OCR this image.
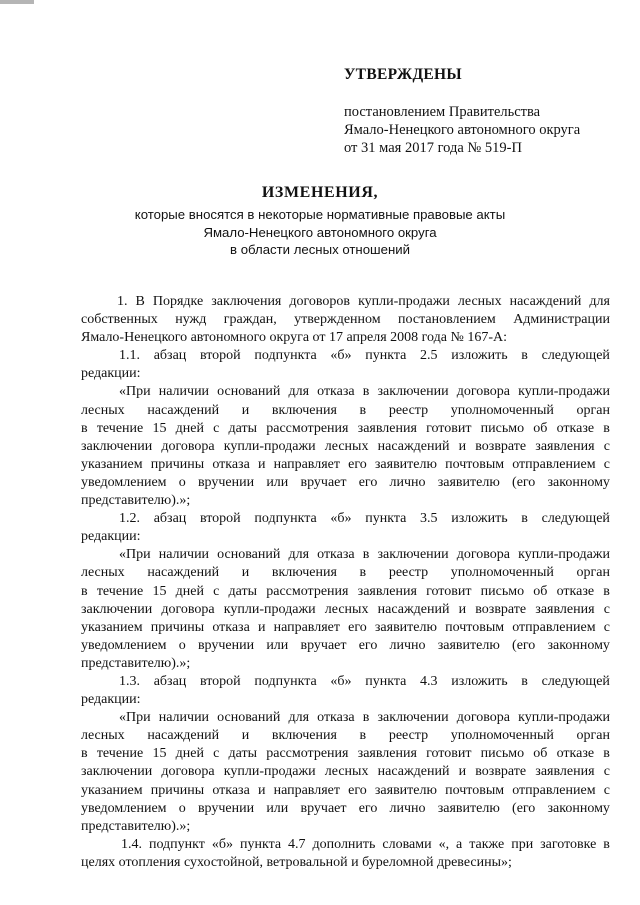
УТВЕРЖДЕНЫ
постановлением Правительства
Ямало-Ненецкого автономного округа
от 31 мая 2017 года № 519-П
ИЗМЕНЕНИЯ,
которые вносятся в некоторые нормативные правовые акты
Ямало-Ненецкого автономного округа
в области лесных отношений
1. В Порядке заключения договоров купли-продажи лесных насаждений для
собственных нужд граждан, утвержденном постановлением Администрации
Ямало-Ненецкого автономного округа от 17 апреля 2008 года № 167-А:
1.1. абзац второй подпункта «б» пункта 2.5 изложить в следующей
редакции:
«При наличии оснований для отказа в заключении договора купли-продажи
лесных насаждений и включения в реестр уполномоченный орган
в течение 15 дней с даты рассмотрения заявления готовит письмо об отказе в
заключении договора купли-продажи лесных насаждений и возврате заявления с
указанием причины отказа и направляет его заявителю почтовым отправлением с
уведомлением о вручении или вручает его лично заявителю (его законному
представителю).»;
1.2. абзац второй подпункта «б» пункта 3.5 изложить в следующей
редакции:
«При наличии оснований для отказа в заключении договора купли-продажи
лесных насаждений и включения в реестр уполномоченный орган
в течение 15 дней с даты рассмотрения заявления готовит письмо об отказе в
заключении договора купли-продажи лесных насаждений и возврате заявления с
указанием причины отказа и направляет его заявителю почтовым отправлением с
уведомлением о вручении или вручает его лично заявителю (его законному
представителю).»;
1.3. абзац второй подпункта «б» пункта 4.3 изложить в следующей
редакции:
«При наличии оснований для отказа в заключении договора купли-продажи
лесных насаждений и включения в реестр уполномоченный орган
в течение 15 дней с даты рассмотрения заявления готовит письмо об отказе в
заключении договора купли-продажи лесных насаждений и возврате заявления с
указанием причины отказа и направляет его заявителю почтовым отправлением с
уведомлением о вручении или вручает его лично заявителю (его законному
представителю).»;
1.4. подпункт «б» пункта 4.7 дополнить словами «, а также при заготовке в
целях отопления сухостойной, ветровальной и буреломной древесины»;
